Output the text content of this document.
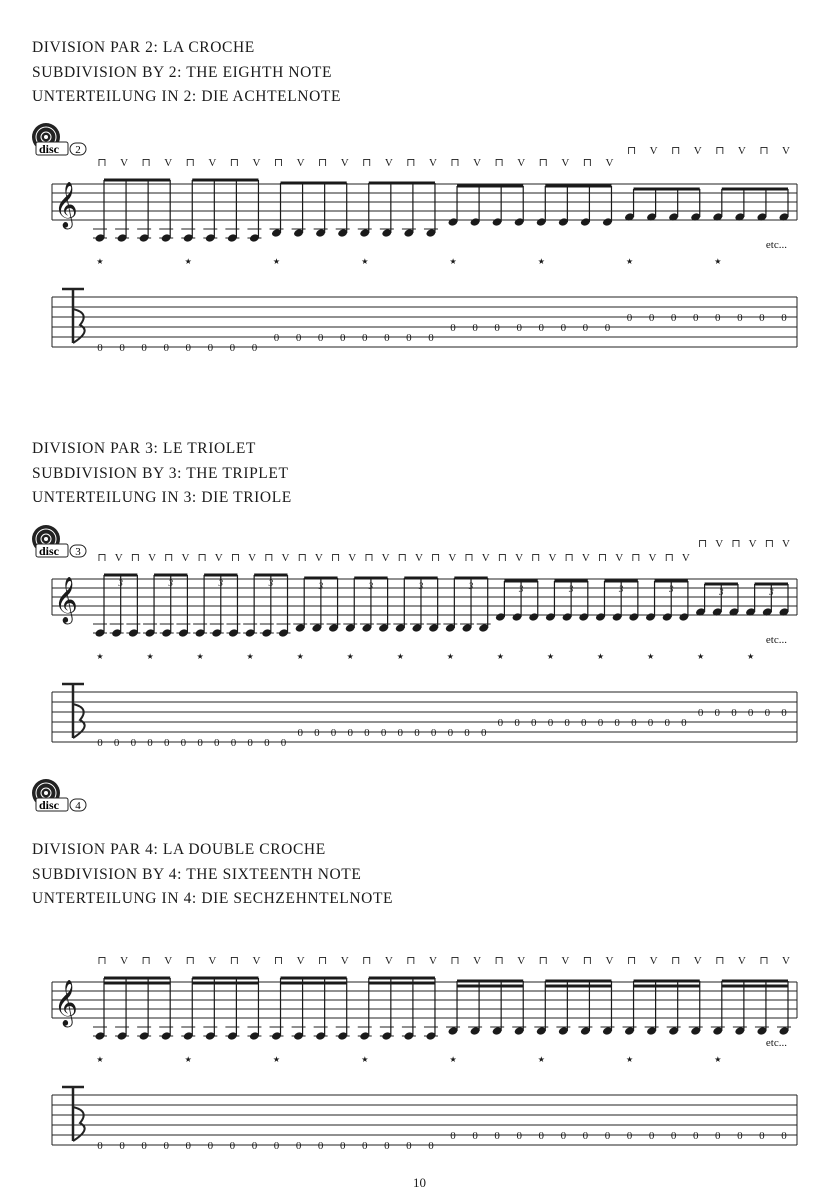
DIVISION PAR 2: LA CROCHE
SUBDIVISION BY 2: THE EIGHTH NOTE
UNTERTEILUNG IN 2: DIE ACHTELNOTE
disc 2
𝄞
⊓
0
V
0
⊓
0
V
0
★
⊓
0
V
0
⊓
0
V
0
★
⊓
0
V
0
⊓
0
V
0
★
⊓
0
V
0
⊓
0
V
0
★
⊓
0
V
0
⊓
0
V
0
★
⊓
0
V
0
⊓
0
V
0
★
⊓
0
V
0
⊓
0
V
0
★
⊓
0
V
0
⊓
0
V
0
★
etc...
DIVISION PAR 3: LE TRIOLET
SUBDIVISION BY 3: THE TRIPLET
UNTERTEILUNG IN 3: DIE TRIOLE
disc 3
𝄞
⊓
0
V
0
⊓
0
V
0
⊓
0
V
0
3
★
3
★
⊓
0
V
0
⊓
0
V
0
⊓
0
V
0
3
★
3
★
⊓
0
V
0
⊓
0
V
0
⊓
0
V
0
3
★
3
★
⊓
0
V
0
⊓
0
V
0
⊓
0
V
0
3
★
3
★
⊓
0
V
0
⊓
0
V
0
⊓
0
V
0
3
★
3
★
⊓
0
V
0
⊓
0
V
0
⊓
0
V
0
3
★
3
★
⊓
0
V
0
⊓
0
V
0
⊓
0
V
0
3
★
3
★
etc...
disc 4
DIVISION PAR 4: LA DOUBLE CROCHE
SUBDIVISION BY 4: THE SIXTEENTH NOTE
UNTERTEILUNG IN 4: DIE SECHZEHNTELNOTE
𝄞
⊓
0
V
0
⊓
0
V
0
★
⊓
0
V
0
⊓
0
V
0
★
⊓
0
V
0
⊓
0
V
0
★
⊓
0
V
0
⊓
0
V
0
★
⊓
0
V
0
⊓
0
V
0
★
⊓
0
V
0
⊓
0
V
0
★
⊓
0
V
0
⊓
0
V
0
★
⊓
0
V
0
⊓
0
V
0
★
etc...
10
